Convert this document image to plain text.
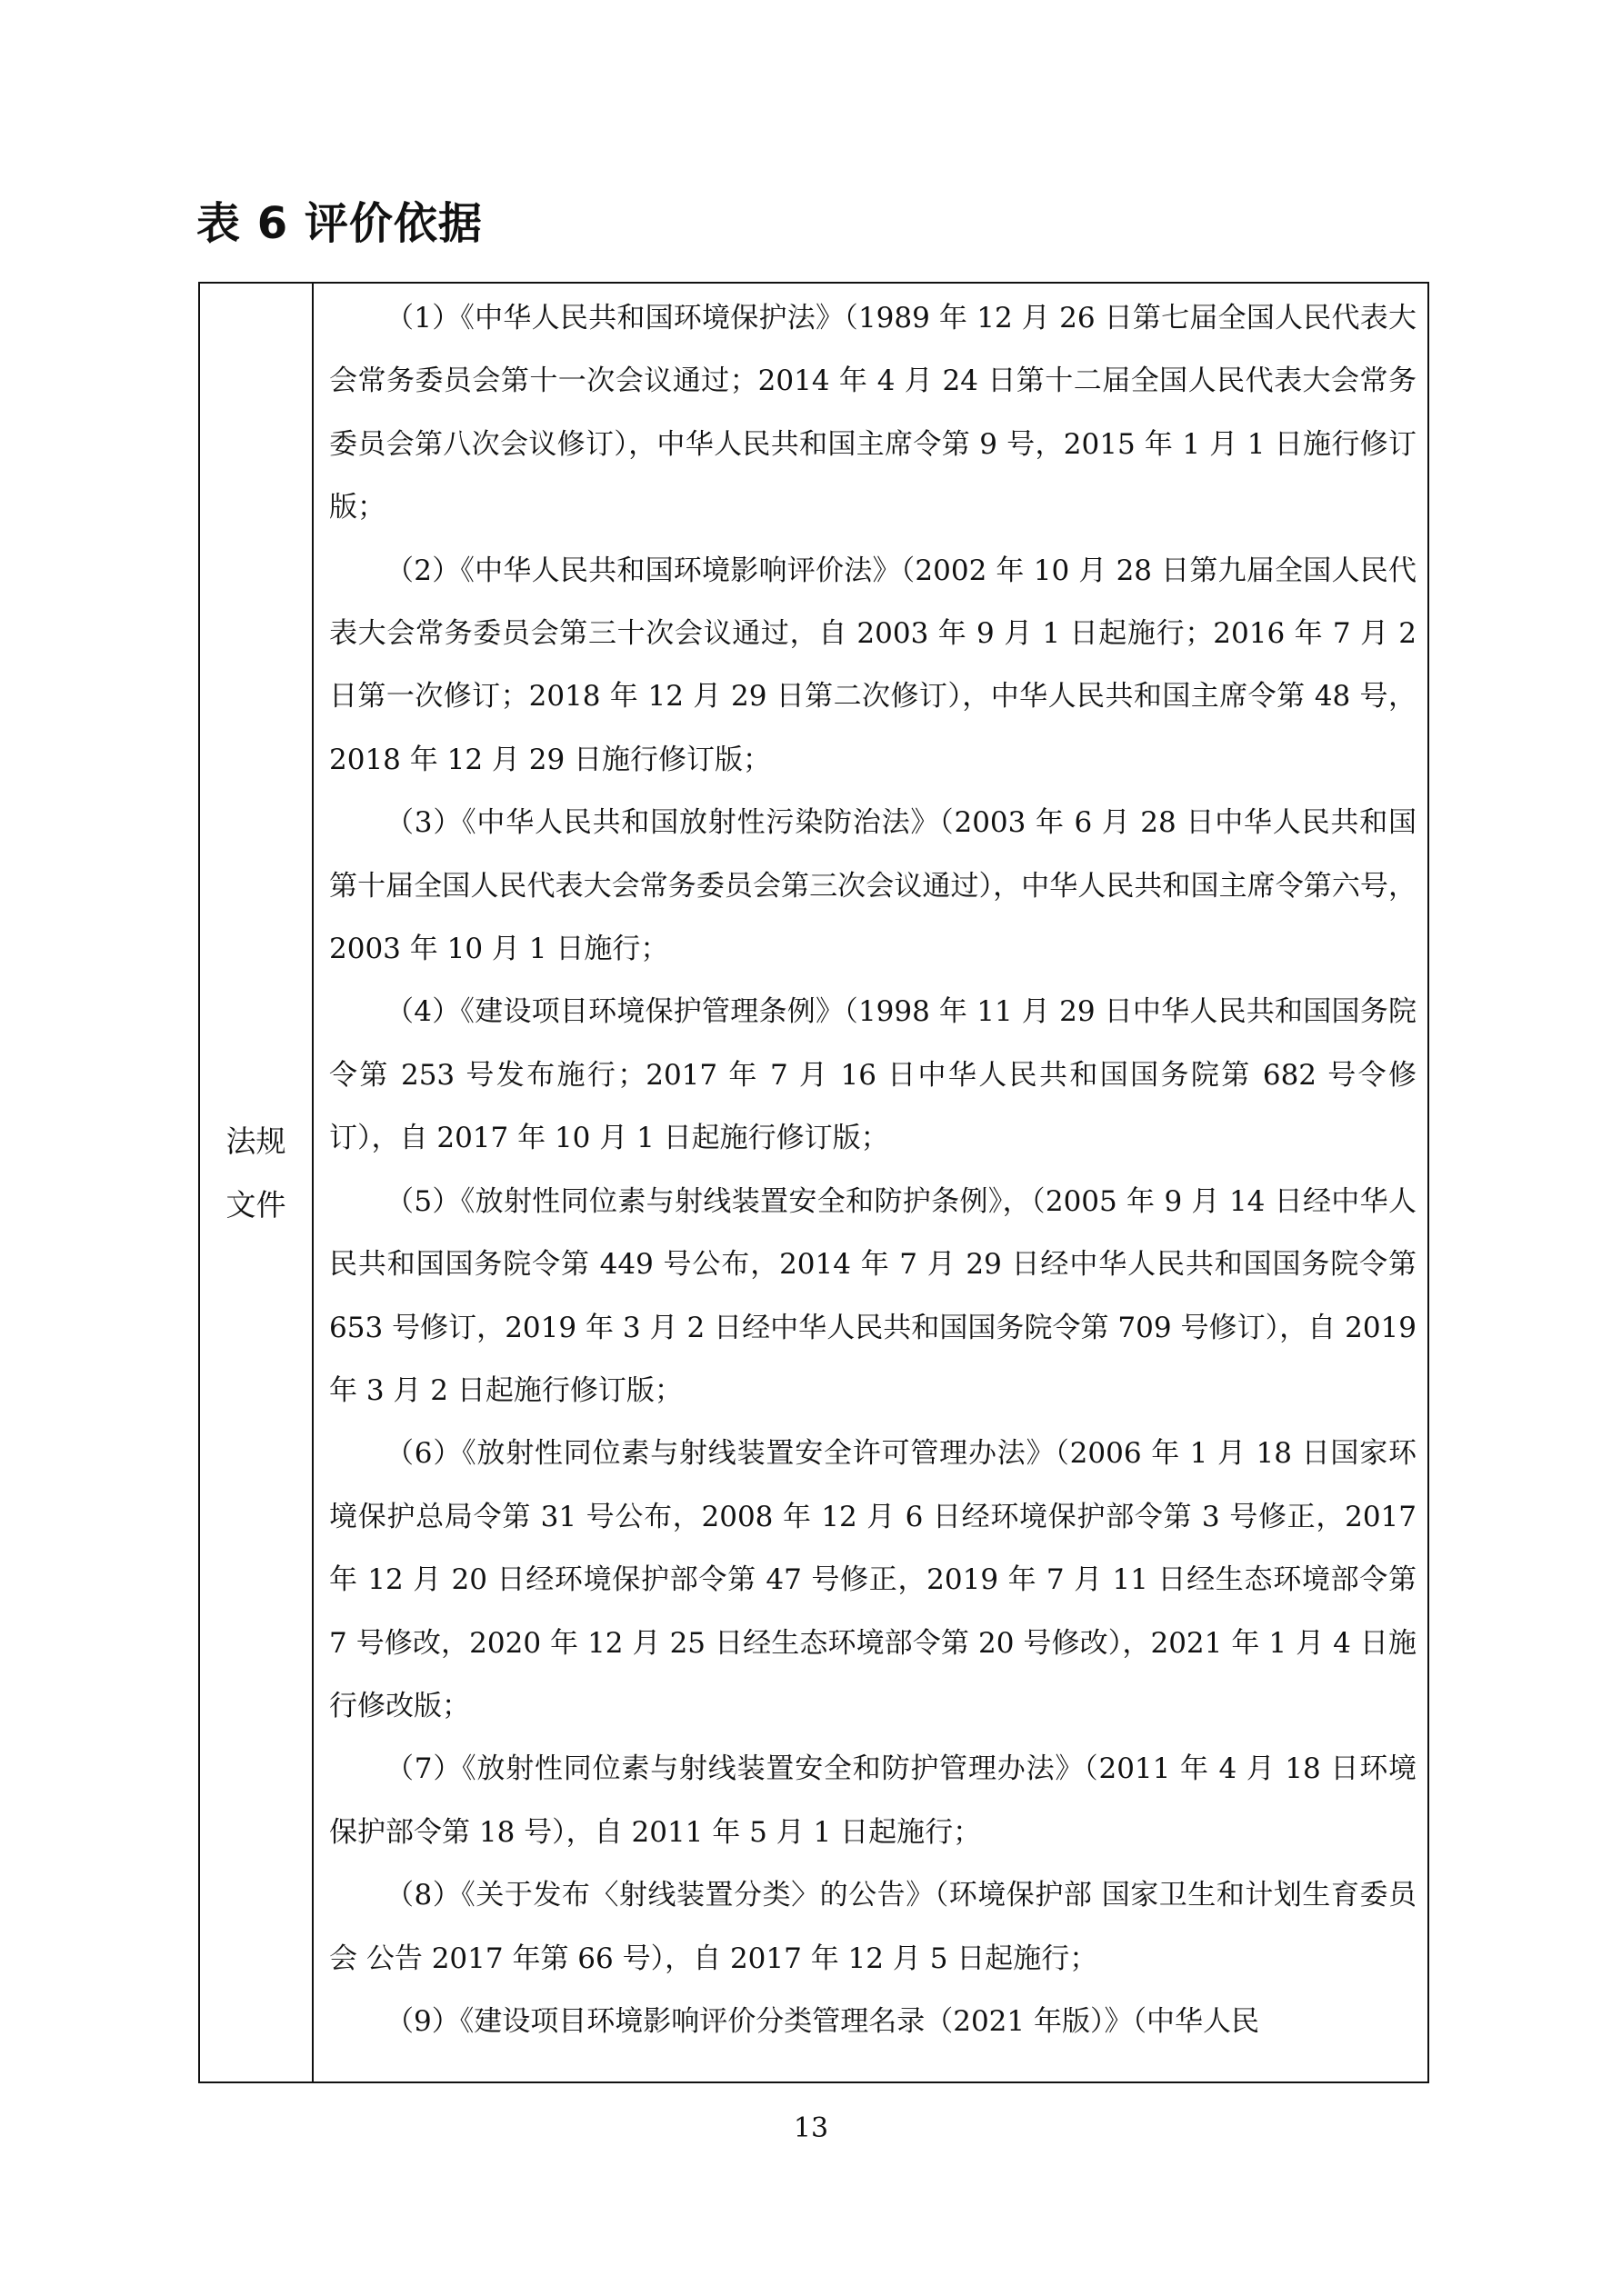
表 6 评价依据
法规
文件

（1）《中华人民共和国环境保护法》（1989 年 12 月 26 日第七届全国人民代表大会常务委员会第十一次会议通过；2014 年 4 月 24 日第十二届全国人民代表大会常务委员会第八次会议修订），中华人民共和国主席令第 9 号，2015 年 1 月 1 日施行修订版；

（2）《中华人民共和国环境影响评价法》（2002 年 10 月 28 日第九届全国人民代表大会常务委员会第三十次会议通过，自 2003 年 9 月 1 日起施行；2016 年 7 月 2 日第一次修订；2018 年 12 月 29 日第二次修订），中华人民共和国主席令第 48 号，2018 年 12 月 29 日施行修订版；

（3）《中华人民共和国放射性污染防治法》（2003 年 6 月 28 日中华人民共和国第十届全国人民代表大会常务委员会第三次会议通过），中华人民共和国主席令第六号，2003 年 10 月 1 日施行；

（4）《建设项目环境保护管理条例》（1998 年 11 月 29 日中华人民共和国国务院令第 253 号发布施行；2017 年 7 月 16 日中华人民共和国国务院第 682 号令修订），自 2017 年 10 月 1 日起施行修订版；

（5）《放射性同位素与射线装置安全和防护条例》，（2005 年 9 月 14 日经中华人民共和国国务院令第 449 号公布，2014 年 7 月 29 日经中华人民共和国国务院令第 653 号修订，2019 年 3 月 2 日经中华人民共和国国务院令第 709 号修订），自 2019 年 3 月 2 日起施行修订版；

（6）《放射性同位素与射线装置安全许可管理办法》（2006 年 1 月 18 日国家环境保护总局令第 31 号公布，2008 年 12 月 6 日经环境保护部令第 3 号修正，2017 年 12 月 20 日经环境保护部令第 47 号修正，2019 年 7 月 11 日经生态环境部令第 7 号修改，2020 年 12 月 25 日经生态环境部令第 20 号修改），2021 年 1 月 4 日施行修改版；

（7）《放射性同位素与射线装置安全和防护管理办法》（2011 年 4 月 18 日环境保护部令第 18 号），自 2011 年 5 月 1 日起施行；

（8）《关于发布〈射线装置分类〉的公告》（环境保护部 国家卫生和计划生育委员会 公告 2017 年第 66 号），自 2017 年 12 月 5 日起施行；

（9）《建设项目环境影响评价分类管理名录（2021 年版）》（中华人民

13
